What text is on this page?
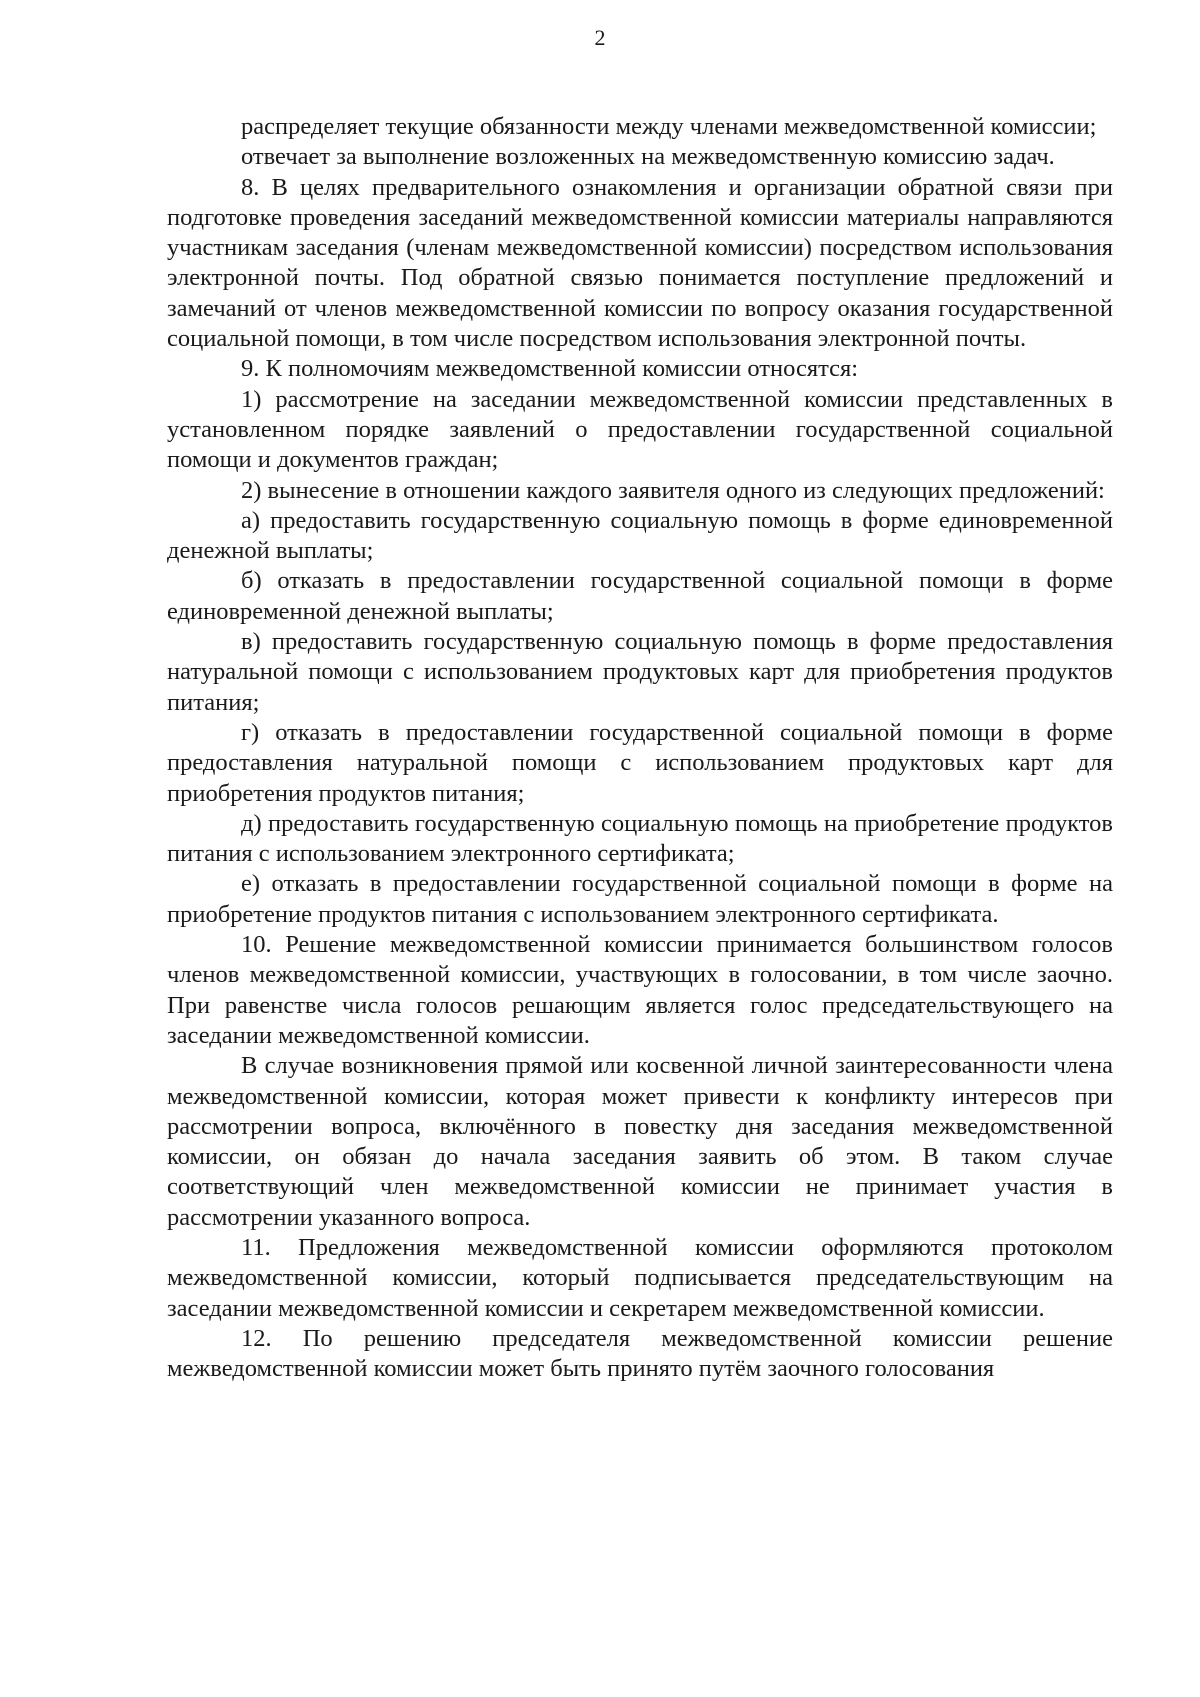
2

распределяет текущие обязанности между членами межведомственной комиссии;

отвечает за выполнение возложенных на межведомственную комиссию задач.

8. В целях предварительного ознакомления и организации обратной связи при подготовке проведения заседаний межведомственной комиссии материалы направляются участникам заседания (членам межведомственной комиссии) посредством использования электронной почты. Под обратной связью понимается поступление предложений и замечаний от членов межведомственной комиссии по вопросу оказания государственной социальной помощи, в том числе посредством использования электронной почты.

9. К полномочиям межведомственной комиссии относятся:

1) рассмотрение на заседании межведомственной комиссии представленных в установленном порядке заявлений о предоставлении государственной социальной помощи и документов граждан;

2) вынесение в отношении каждого заявителя одного из следующих предложений:

а) предоставить государственную социальную помощь в форме единовременной денежной выплаты;

б) отказать в предоставлении государственной социальной помощи в форме единовременной денежной выплаты;

в) предоставить государственную социальную помощь в форме предоставления натуральной помощи с использованием продуктовых карт для приобретения продуктов питания;

г) отказать в предоставлении государственной социальной помощи в форме предоставления натуральной помощи с использованием продуктовых карт для приобретения продуктов питания;

д) предоставить государственную социальную помощь на приобретение продуктов питания с использованием электронного сертификата;

е) отказать в предоставлении государственной социальной помощи в форме на приобретение продуктов питания с использованием электронного сертификата.

10. Решение межведомственной комиссии принимается большинством голосов членов межведомственной комиссии, участвующих в голосовании, в том числе заочно. При равенстве числа голосов решающим является голос председательствующего на заседании межведомственной комиссии.

В случае возникновения прямой или косвенной личной заинтересованности члена межведомственной комиссии, которая может привести к конфликту интересов при рассмотрении вопроса, включённого в повестку дня заседания межведомственной комиссии, он обязан до начала заседания заявить об этом. В таком случае соответствующий член межведомственной комиссии не принимает участия в рассмотрении указанного вопроса.

11. Предложения межведомственной комиссии оформляются протоколом межведомственной комиссии, который подписывается председательствующим на заседании межведомственной комиссии и секретарем межведомственной комиссии.

12. По решению председателя межведомственной комиссии решение межведомственной комиссии может быть принято путём заочного голосования
